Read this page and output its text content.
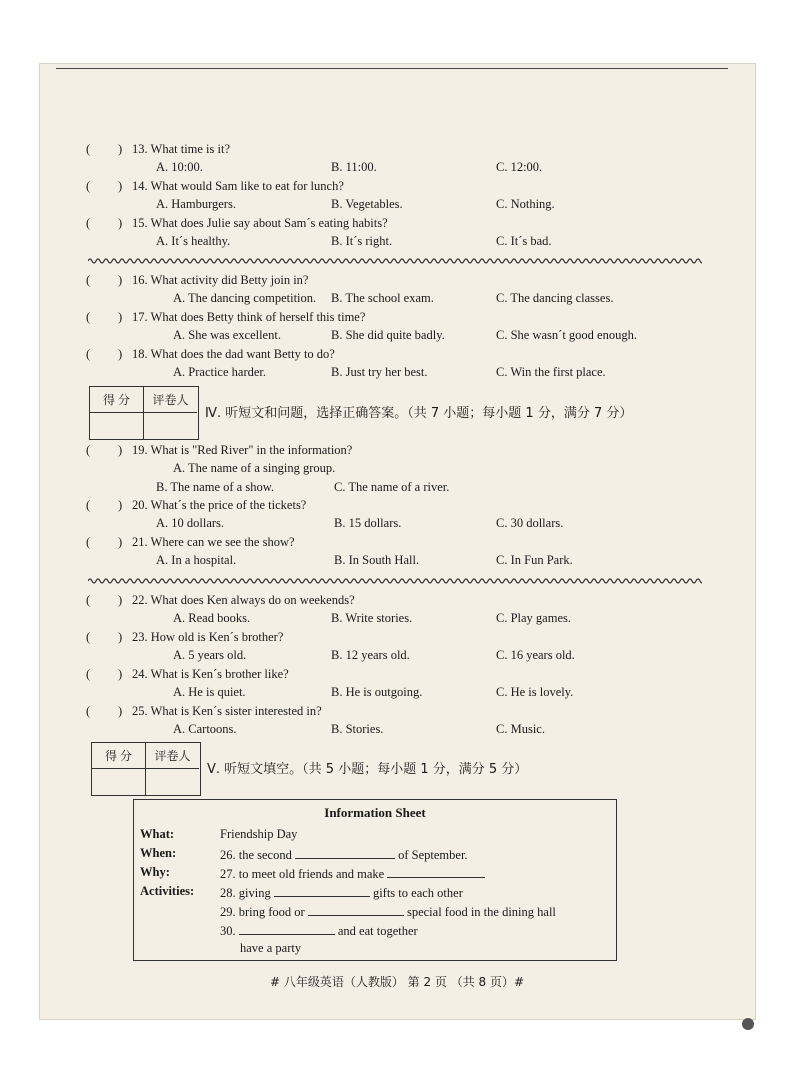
( ) 13. What time is it?
A. 10:00.	B. 11:00.	C. 12:00.
( ) 14. What would Sam like to eat for lunch?
A. Hamburgers.	B. Vegetables.	C. Nothing.
( ) 15. What does Julie say about Sam´s eating habits?
A. It´s healthy.	B. It´s right.	C. It´s bad.
( ) 16. What activity did Betty join in?
A. The dancing competition. B. The school exam.	C. The dancing classes.
( ) 17. What does Betty think of herself this time?
A. She was excellent.	B. She did quite badly.	C. She wasn´t good enough.
( ) 18. What does the dad want Betty to do?
A. Practice harder.	B. Just try her best.	C. Win the first place.
得 分	评卷人
Ⅳ. 听短文和问题，选择正确答案。（共 7 小题；每小题 1 分，满分 7 分）
( ) 19. What is "Red River" in the information?
A. The name of a singing group.
B. The name of a show.	C. The name of a river.
( ) 20. What´s the price of the tickets?
A. 10 dollars.	B. 15 dollars.	C. 30 dollars.
( ) 21. Where can we see the show?
A. In a hospital.	B. In South Hall.	C. In Fun Park.
( ) 22. What does Ken always do on weekends?
A. Read books.	B. Write stories.	C. Play games.
( ) 23. How old is Ken´s brother?
A. 5 years old.	B. 12 years old.	C. 16 years old.
( ) 24. What is Ken´s brother like?
A. He is quiet.	B. He is outgoing.	C. He is lovely.
( ) 25. What is Ken´s sister interested in?
A. Cartoons.	B. Stories.	C. Music.
得 分	评卷人
Ⅴ. 听短文填空。（共 5 小题；每小题 1 分，满分 5 分）
Information Sheet
What:	Friendship Day
When:	26. the second	of September.
Why:	27. to meet old friends and make
Activities: 28. giving	gifts to each other
29. bring food or	special food in the dining hall
30.	and eat together
have a party
# 八年级英语（人教版） 第 2 页 （共 8 页）#
